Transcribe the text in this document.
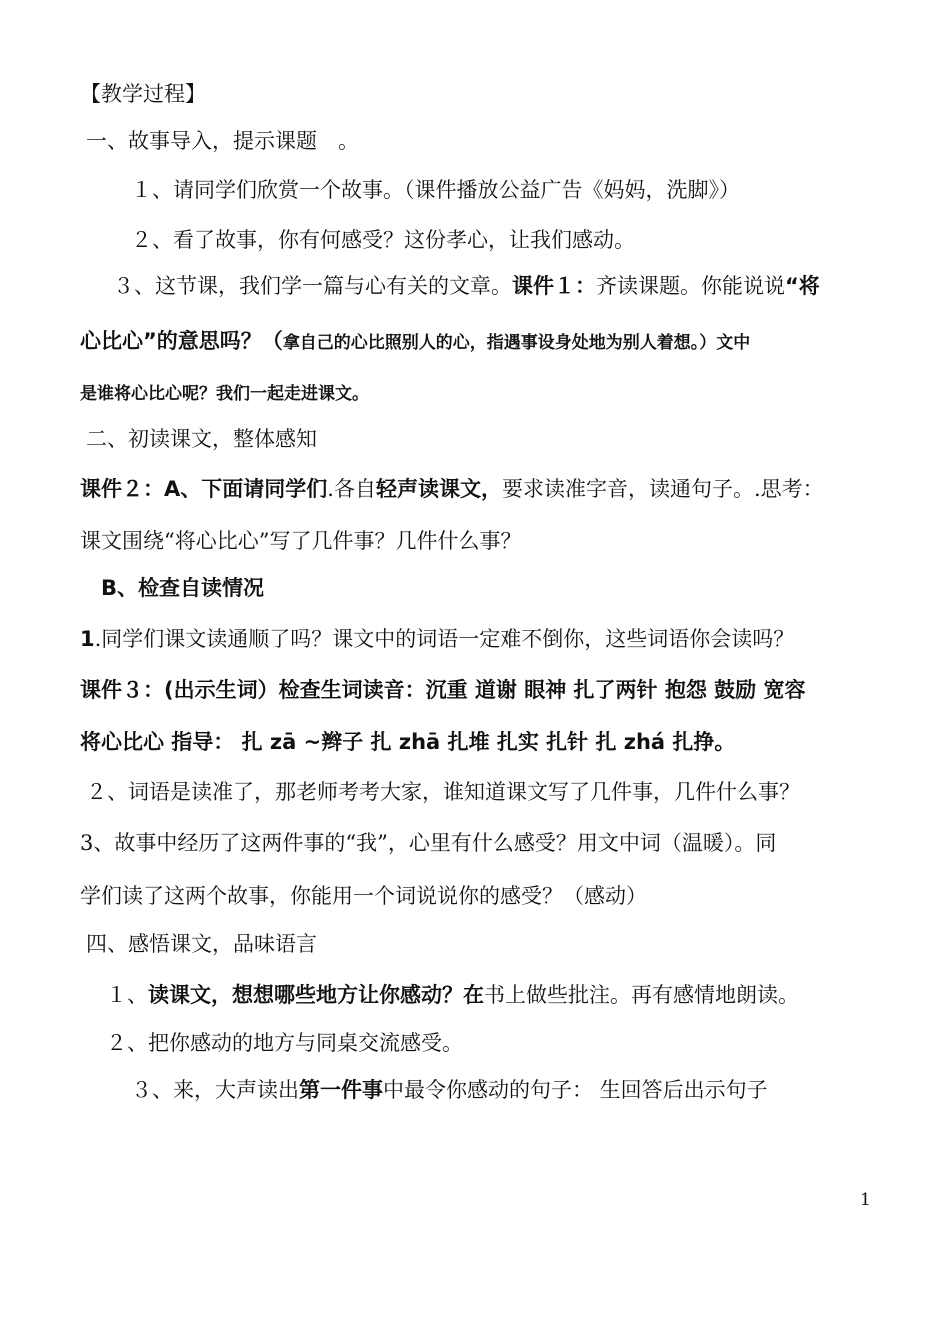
【教学过程】
一、故事导入，提示课题　。
１、请同学们欣赏一个故事。（课件播放公益广告《妈妈，洗脚》）
２、看了故事，你有何感受？这份孝心，让我们感动。
３、这节课，我们学一篇与心有关的文章。课件１：齐读课题。你能说说“将
心比心”的意思吗？（拿自己的心比照别人的心，指遇事设身处地为别人着想。）文中
是谁将心比心呢？我们一起走进课文。
二、初读课文，整体感知
课件２：A、下面请同学们.各自轻声读课文，要求读准字音，读通句子。.思考：
课文围绕“将心比心”写了几件事？几件什么事？
B、检查自读情况
1.同学们课文读通顺了吗？课文中的词语一定难不倒你，这些词语你会读吗？
课件３：(出示生词）检查生词读音：沉重 道谢 眼神 扎了两针 抱怨 鼓励 宽容
将心比心 指导： 扎 zā ~辫子 扎 zhā 扎堆 扎实 扎针 扎 zhá 扎挣。
２、词语是读准了，那老师考考大家，谁知道课文写了几件事，几件什么事？
3、故事中经历了这两件事的“我”，心里有什么感受？用文中词（温暖）。同
学们读了这两个故事，你能用一个词说说你的感受？（感动）
四、感悟课文，品味语言
１、读课文，想想哪些地方让你感动？在书上做些批注。再有感情地朗读。
２、把你感动的地方与同桌交流感受。
３、来，大声读出第一件事中最令你感动的句子： 生回答后出示句子
1
